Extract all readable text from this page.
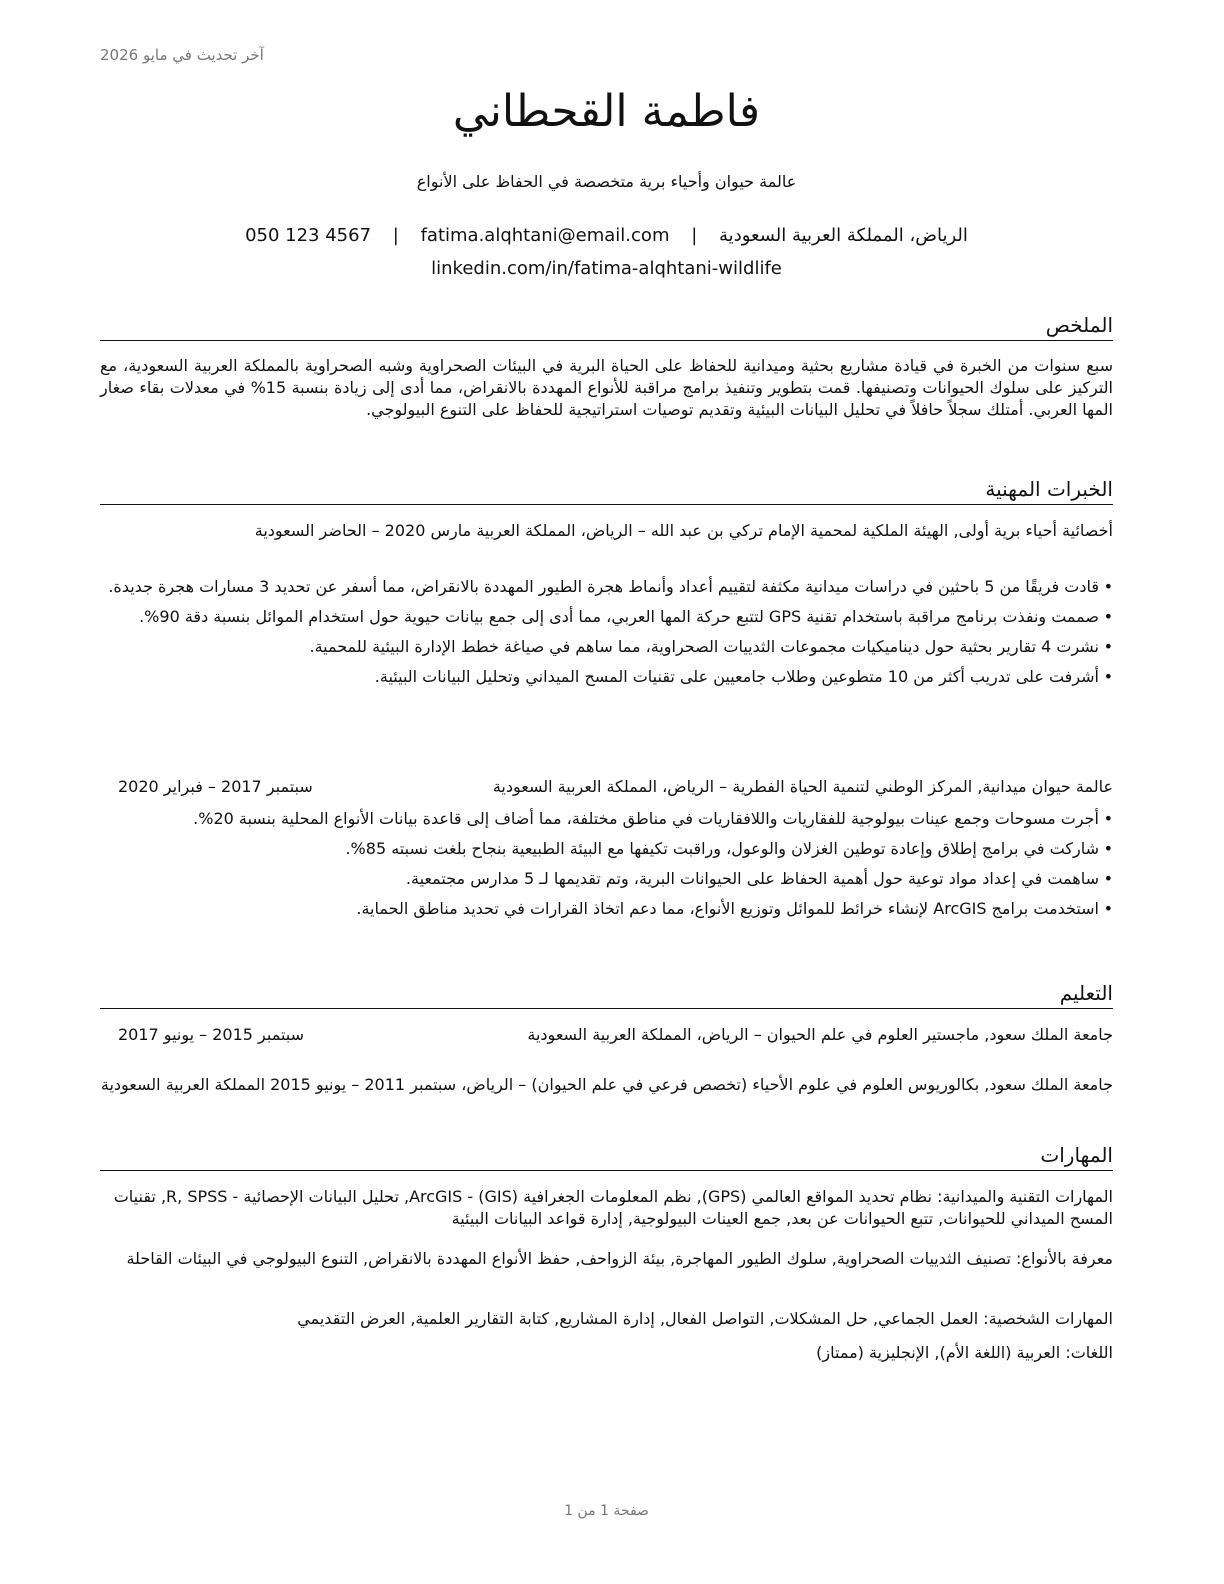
آخر تحديث في مايو 2026
فاطمة القحطاني
عالمة حيوان وأحياء برية متخصصة في الحفاظ على الأنواع
الرياض، المملكة العربية السعودية | fatima.alqhtani@email.com | 050 123 4567
linkedin.com/in/fatima-alqhtani-wildlife
الملخص
سبع سنوات من الخبرة في قيادة مشاريع بحثية وميدانية للحفاظ على الحياة البرية في البيئات الصحراوية وشبه الصحراوية بالمملكة العربية السعودية، مع التركيز على سلوك الحيوانات وتصنيفها. قمت بتطوير وتنفيذ برامج مراقبة للأنواع المهددة بالانقراض، مما أدى إلى زيادة بنسبة 15% في معدلات بقاء صغار المها العربي. أمتلك سجلاً حافلاً في تحليل البيانات البيئية وتقديم توصيات استراتيجية للحفاظ على التنوع البيولوجي.
الخبرات المهنية
أخصائية أحياء برية أولى, الهيئة الملكية لمحمية الإمام تركي بن عبد الله – الرياض، المملكة العربية مارس 2020 – الحاضر السعودية
•
قادت فريقًا من 5 باحثين في دراسات ميدانية مكثفة لتقييم أعداد وأنماط هجرة الطيور المهددة بالانقراض، مما أسفر عن تحديد 3 مسارات هجرة جديدة.
•
صممت ونفذت برنامج مراقبة باستخدام تقنية GPS لتتبع حركة المها العربي، مما أدى إلى جمع بيانات حيوية حول استخدام الموائل بنسبة دقة 90%.
•
نشرت 4 تقارير بحثية حول ديناميكيات مجموعات الثدييات الصحراوية، مما ساهم في صياغة خطط الإدارة البيئية للمحمية.
•
أشرفت على تدريب أكثر من 10 متطوعين وطلاب جامعيين على تقنيات المسح الميداني وتحليل البيانات البيئية.
عالمة حيوان ميدانية, المركز الوطني لتنمية الحياة الفطرية – الرياض، المملكة العربية السعودية
سبتمبر 2017 – فبراير 2020
•
أجرت مسوحات وجمع عينات بيولوجية للفقاريات واللافقاريات في مناطق مختلفة، مما أضاف إلى قاعدة بيانات الأنواع المحلية بنسبة 20%.
•
شاركت في برامج إطلاق وإعادة توطين الغزلان والوعول، وراقبت تكيفها مع البيئة الطبيعية بنجاح بلغت نسبته 85%.
•
ساهمت في إعداد مواد توعية حول أهمية الحفاظ على الحيوانات البرية، وتم تقديمها لـ 5 مدارس مجتمعية.
•
استخدمت برامج ArcGIS لإنشاء خرائط للموائل وتوزيع الأنواع، مما دعم اتخاذ القرارات في تحديد مناطق الحماية.
التعليم
جامعة الملك سعود, ماجستير العلوم في علم الحيوان – الرياض، المملكة العربية السعودية
سبتمبر 2015 – يونيو 2017
جامعة الملك سعود, بكالوريوس العلوم في علوم الأحياء (تخصص فرعي في علم الحيوان) – الرياض، سبتمبر 2011 – يونيو 2015 المملكة العربية السعودية
المهارات
المهارات التقنية والميدانية: نظام تحديد المواقع العالمي (GPS), نظم المعلومات الجغرافية (GIS) - ArcGIS, تحليل البيانات الإحصائية - R, SPSS, تقنيات المسح الميداني للحيوانات, تتبع الحيوانات عن بعد, جمع العينات البيولوجية, إدارة قواعد البيانات البيئية
معرفة بالأنواع: تصنيف الثدييات الصحراوية, سلوك الطيور المهاجرة, بيئة الزواحف, حفظ الأنواع المهددة بالانقراض, التنوع البيولوجي في البيئات القاحلة
المهارات الشخصية: العمل الجماعي, حل المشكلات, التواصل الفعال, إدارة المشاريع, كتابة التقارير العلمية, العرض التقديمي
اللغات: العربية (اللغة الأم), الإنجليزية (ممتاز)
صفحة 1 من 1
